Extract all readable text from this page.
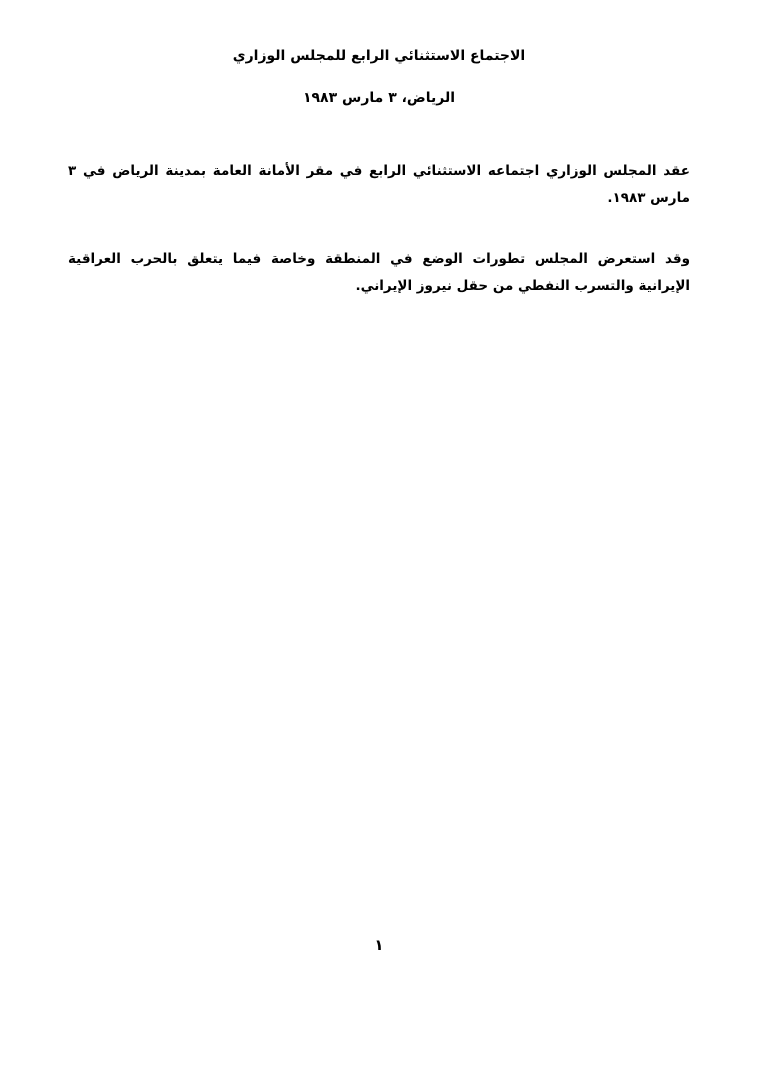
الاجتماع الاستثنائي الرابع للمجلس الوزاري
الرياض، ٣ مارس ١٩٨٣

عقد المجلس الوزاري اجتماعه الاستثنائي الرابع في مقر الأمانة العامة بمدينة الرياض في ٣ مارس ١٩٨٣.

وقد استعرض المجلس تطورات الوضع في المنطقة وخاصة فيما يتعلق بالحرب العراقية الإيرانية والتسرب النفطي من حقل نيروز الإيراني.

١
